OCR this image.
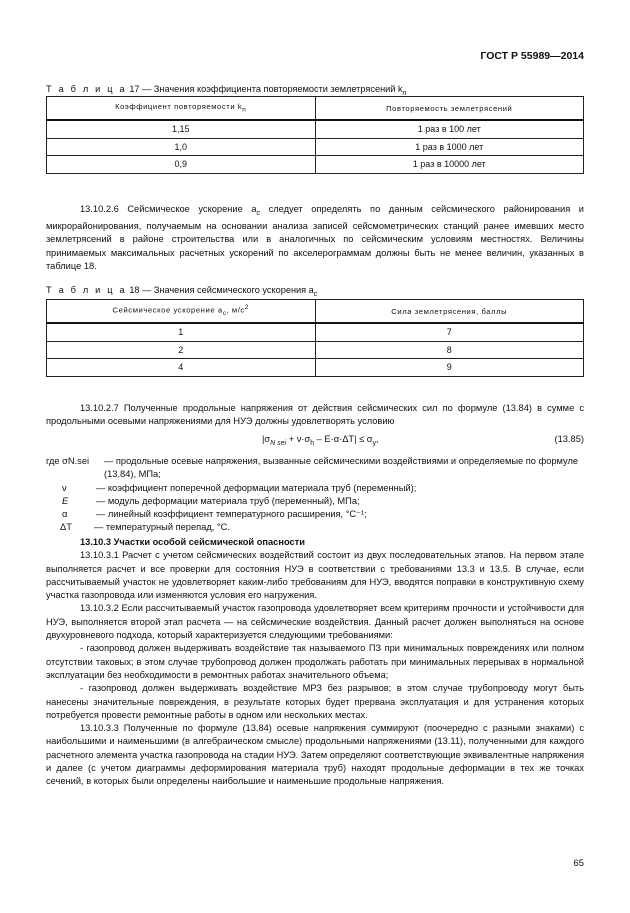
ГОСТ Р 55989—2014
Т а б л и ц а 17 — Значения коэффициента повторяемости землетрясений $k_n$
Коэффициент повторяемости $k_n$	Повторяемость землетрясений
1,15	1 раз в 100 лет
1,0	1 раз в 1000 лет
0,9	1 раз в 10000 лет

13.10.2.6 Сейсмическое ускорение $a_c$ следует определять по данным сейсмического районирования и микрорайонирования, получаемым на основании анализа записей сейсмометрических станций ранее имевших место землетрясений в районе строительства или в аналогичных по сейсмическим условиям местностях. Величины принимаемых максимальных расчетных ускорений по акселерограммам должны быть не менее величин, указанных в таблице 18.

Т а б л и ц а 18 — Значения сейсмического ускорения $a_c$
Сейсмическое ускорение $a_c$, $м/с^2$	Сила землетрясения, баллы
1	7
2	8
4	9

13.10.2.7 Полученные продольные напряжения от действия сейсмических сил по формуле (13.84) в сумме с продольными осевыми напряжениями для НУЭ должны удовлетворять условию

$|\sigma_{N sei} + \nu\cdot\sigma_h - E\cdot\alpha\cdot\Delta T| \le \sigma_y$,	(13.85)
где σN.sei	— продольные осевые напряжения, вызванные сейсмическими воздействиями и определяемые по формуле (13.84), МПа;
ν	— коэффициент поперечной деформации материала труб (переменный);
E	— модуль деформации материала труб (переменный), МПа;
α	— линейный коэффициент температурного расширения, °С⁻¹;
ΔT	— температурный перепад, °С.

13.10.3 Участки особой сейсмической опасности

13.10.3.1 Расчет с учетом сейсмических воздействий состоит из двух последовательных этапов. На первом этапе выполняется расчет и все проверки для состояния НУЭ в соответствии с требованиями 13.3 и 13.5. В случае, если рассчитываемый участок не удовлетворяет каким-либо требованиям для НУЭ, вводятся поправки в конструктивную схему участка газопровода или изменяются условия его нагружения.

13.10.3.2 Если рассчитываемый участок газопровода удовлетворяет всем критериям прочности и устойчивости для НУЭ, выполняется второй этап расчета — на сейсмические воздействия. Данный расчет должен выполняться на основе двухуровневого подхода, который характеризуется следующими требованиями:

- газопровод должен выдерживать воздействие так называемого ПЗ при минимальных повреждениях или полном отсутствии таковых; в этом случае трубопровод должен продолжать работать при минимальных перерывах в нормальной эксплуатации без необходимости в ремонтных работах значительного объема;

- газопровод должен выдерживать воздействие МРЗ без разрывов; в этом случае трубопроводу могут быть нанесены значительные повреждения, в результате которых будет прервана эксплуатация и для устранения которых потребуется провести ремонтные работы в одном или нескольких местах.

13.10.3.3 Полученные по формуле (13.84) осевые напряжения суммируют (поочередно с разными знаками) с наибольшими и наименьшими (в алгебраическом смысле) продольными напряжениями (13.11), полученными для каждого расчетного элемента участка газопровода на стадии НУЭ. Затем определяют соответствующие эквивалентные напряжения и далее (с учетом диаграммы деформирования материала труб) находят продольные деформации в тех же точках сечений, в которых были определены наибольшие и наименьшие продольные напряжения.

65
